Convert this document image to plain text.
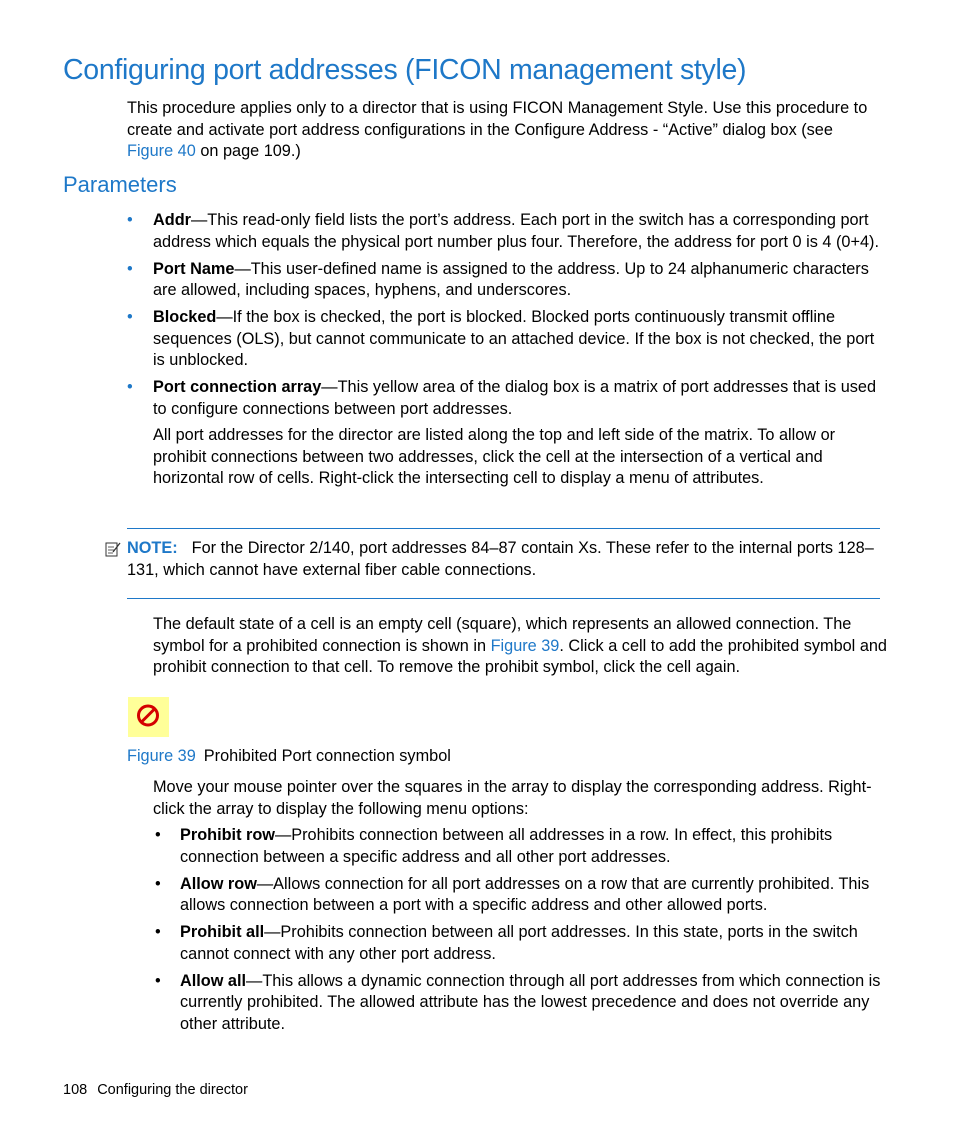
Configuring port addresses (FICON management style)
This procedure applies only to a director that is using FICON Management Style. Use this procedure to create and activate port address configurations in the Configure Address - “Active” dialog box (see Figure 40 on page 109.)
Parameters
• Addr—This read-only field lists the port’s address. Each port in the switch has a corresponding port address which equals the physical port number plus four. Therefore, the address for port 0 is 4 (0+4).
• Port Name—This user-defined name is assigned to the address. Up to 24 alphanumeric characters are allowed, including spaces, hyphens, and underscores.
• Blocked—If the box is checked, the port is blocked. Blocked ports continuously transmit offline sequences (OLS), but cannot communicate to an attached device. If the box is not checked, the port is unblocked.
• Port connection array—This yellow area of the dialog box is a matrix of port addresses that is used to configure connections between port addresses.
All port addresses for the director are listed along the top and left side of the matrix. To allow or prohibit connections between two addresses, click the cell at the intersection of a vertical and horizontal row of cells. Right-click the intersecting cell to display a menu of attributes.
NOTE: For the Director 2/140, port addresses 84–87 contain Xs. These refer to the internal ports 128–131, which cannot have external fiber cable connections.
The default state of a cell is an empty cell (square), which represents an allowed connection. The symbol for a prohibited connection is shown in Figure 39. Click a cell to add the prohibited symbol and prohibit connection to that cell. To remove the prohibit symbol, click the cell again.
Figure 39 Prohibited Port connection symbol
Move your mouse pointer over the squares in the array to display the corresponding address. Right-click the array to display the following menu options:
• Prohibit row—Prohibits connection between all addresses in a row. In effect, this prohibits connection between a specific address and all other port addresses.
• Allow row—Allows connection for all port addresses on a row that are currently prohibited. This allows connection between a port with a specific address and other allowed ports.
• Prohibit all—Prohibits connection between all port addresses. In this state, ports in the switch cannot connect with any other port address.
• Allow all—This allows a dynamic connection through all port addresses from which connection is currently prohibited. The allowed attribute has the lowest precedence and does not override any other attribute.
108 Configuring the director
